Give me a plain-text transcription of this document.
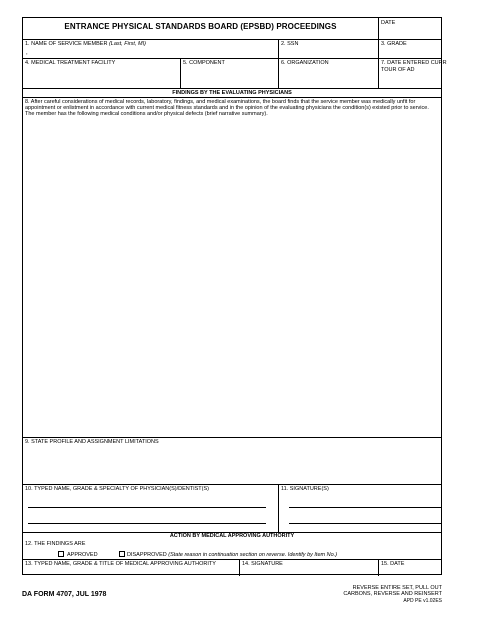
ENTRANCE PHYSICAL STANDARDS BOARD (EPSBD) PROCEEDINGS	DATE
1. NAME OF SERVICE MEMBER (Last, First, MI)
,
2. SSN	3. GRADE
4. MEDICAL TREATMENT FACILITY	5. COMPONENT	6. ORGANIZATION	7. DATE ENTERED CURR
TOUR OF AD
FINDINGS BY THE EVALUATING PHYSICIANS
8. After careful considerations of medical records, laboratory, findings, and medical examinations, the board finds that the service member was medically unfit for appointment or enlistment in accordance with current medical fitness standards and in the opinion of the evaluating physicians the condition(s) existed prior to service. The member has the following medical conditions and/or physical defects (brief narrative summary).
9. STATE PROFILE AND ASSIGNMENT LIMITATIONS
10. TYPED NAME, GRADE & SPECIALTY OF PHYSICIAN(S)/DENTIST(S)	11. SIGNATURE(S)
ACTION BY MEDICAL APPROVING AUTHORITY
12. THE FINDINGS ARE
APPROVED	DISAPPROVED (State reason in continuation section on reverse. Identify by Item No.)
13. TYPED NAME, GRADE & TITLE OF MEDICAL APPROVING AUTHORITY	14. SIGNATURE	15. DATE
DA FORM 4707, JUL 1978
REVERSE ENTIRE SET, PULL OUT
CARBONS, REVERSE AND REINSERT
APD PE v1.02ES
